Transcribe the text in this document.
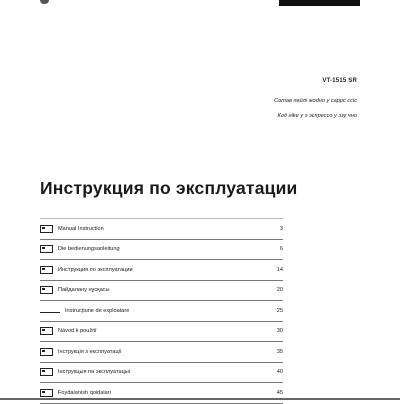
VT-1515 SR
Сотав пайлі жоdно у саррс ссіс
Код ніkе у э эспрессо у эзу чно
Инструкция по эксплуатации
Manual Instruction	3
Die bedienungsanleitung	6
Инструкция по эксплуатации	14
Пайдалану нұсқасы	20
Instrucțiune de exploatare	25
Návod k použití	30
Інструкція з експлуатації	35
Інструкцыя па эксплуатацыі	40
Foydalanish qoidalari	45
